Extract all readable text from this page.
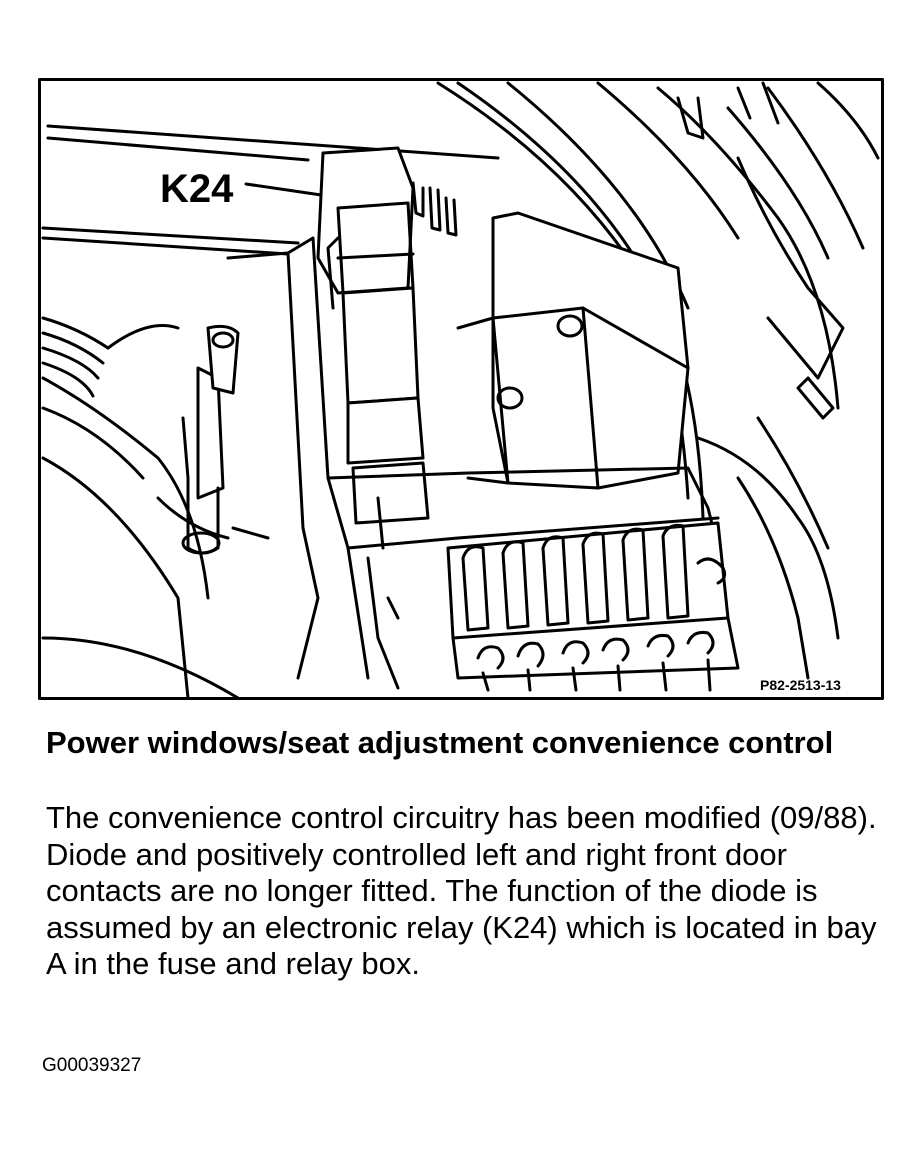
K24
P82-2513-13
Power windows/seat adjustment convenience control

The convenience control circuitry has been modified (09/88). Diode and positively controlled left and right front door contacts are no longer fitted. The function of the diode is assumed by an electronic relay (K24) which is located in bay A in the fuse and relay box.

G00039327
